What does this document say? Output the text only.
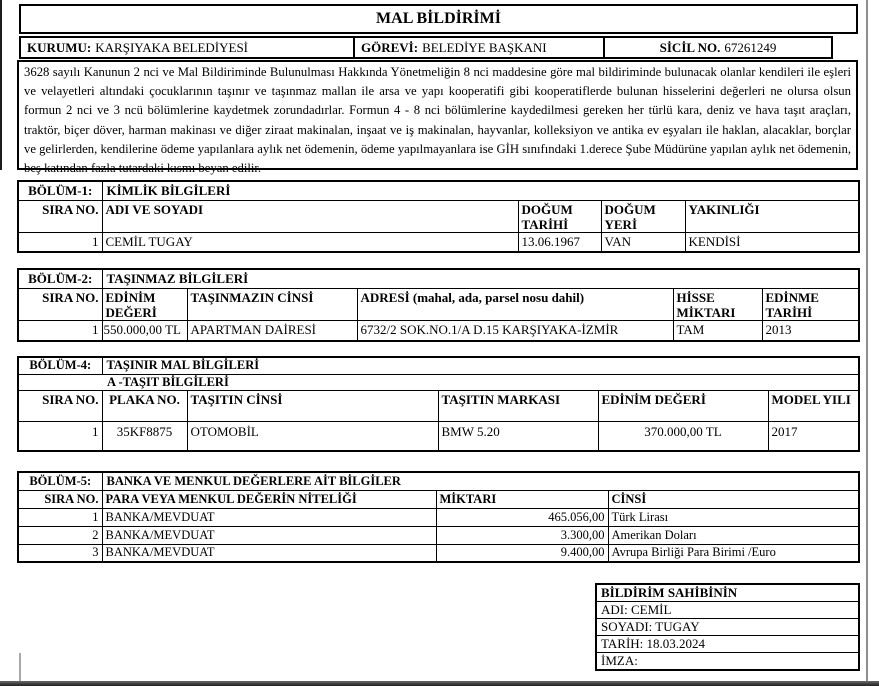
MAL BİLDİRİMİ
KURUMU: KARŞIYAKA BELEDİYESİ	GÖREVİ: BELEDİYE BAŞKANI	SİCİL NO. 67261249
3628 sayılı Kanunun 2 nci ve Mal Bildiriminde Bulunulması Hakkında Yönetmeliğin 8 nci maddesine göre mal bildiriminde bulunacak olanlar kendileri ile eşleri ve velayetleri altındaki çocuklarının taşınır ve taşınmaz mallan ile arsa ve yapı kooperatifi gibi kooperatiflerde bulunan hisselerini değerleri ne olursa olsun formun 2 nci ve 3 ncü bölümlerine kaydetmek zorundadırlar. Formun 4 - 8 nci bölümlerine kaydedilmesi gereken her türlü kara, deniz ve hava taşıt araçları, traktör, biçer döver, harman makinası ve diğer ziraat makinalan, inşaat ve iş makinalan, hayvanlar, kolleksiyon ve antika ev eşyaları ile haklan, alacaklar, borçlar ve gelirlerden, kendilerine ödeme yapılanlara aylık net ödemenin, ödeme yapılmayanlara ise GİH sınıfındaki 1.derece Şube Müdürüne yapılan aylık net ödemenin, beş katından fazla tutardaki kısmı beyan edilir.
BÖLÜM-1:	KİMLİK BİLGİLERİ			
SIRA NO.	ADI VE SOYADI	DOĞUM TARİHİ	DOĞUM YERİ	YAKINLIĞI
1	CEMİL TUGAY	13.06.1967	VAN	KENDİSİ
BÖLÜM-2:	TAŞINMAZ BİLGİLERİ				
SIRA NO.	EDİNİM DEĞERİ	TAŞINMAZIN CİNSİ	ADRESİ (mahal, ada, parsel nosu dahil)	HİSSE MİKTARI	EDİNME TARİHİ
1	550.000,00 TL	APARTMAN DAİRESİ	6732/2 SOK.NO.1/A D.15 KARŞIYAKA-İZMİR	TAM	2013
BÖLÜM-4:	TAŞINIR MAL BİLGİLERİ				
A -TAŞIT BİLGİLERİ					
SIRA NO.	PLAKA NO.	TAŞITIN CİNSİ	TAŞITIN MARKASI	EDİNİM DEĞERİ	MODEL YILI
1	35KF8875	OTOMOBİL	BMW 5.20	370.000,00 TL	2017
BÖLÜM-5:	BANKA VE MENKUL DEĞERLERE AİT BİLGİLER		
SIRA NO.	PARA VEYA MENKUL DEĞERİN NİTELİĞİ	MİKTARI	CİNSİ
1	BANKA/MEVDUAT	465.056,00	Türk Lirası
2	BANKA/MEVDUAT	3.300,00	Amerikan Doları
3	BANKA/MEVDUAT	9.400,00	Avrupa Birliği Para Birimi /Euro
BİLDİRİM SAHİBİNİN
ADI: CEMİL
SOYADI: TUGAY
TARİH: 18.03.2024
İMZA:
